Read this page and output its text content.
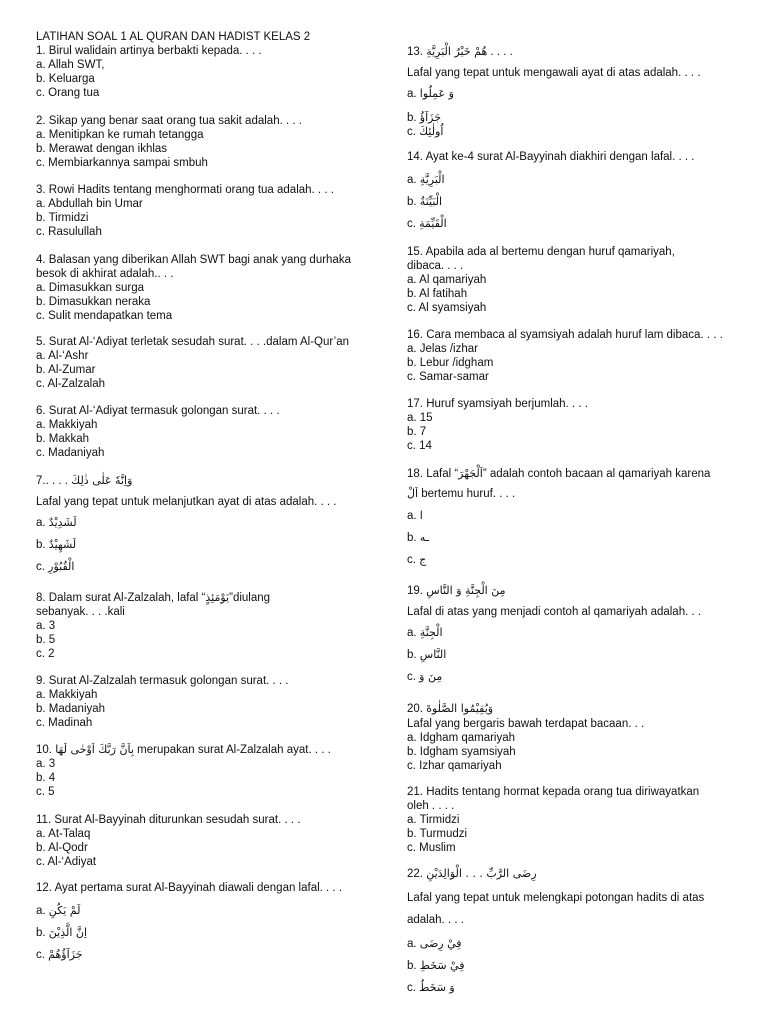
LATIHAN SOAL 1 AL QURAN DAN HADIST KELAS 2
1. Birul walidain artinya berbakti kepada. . . .
a. Allah SWT,
b. Keluarga
c. Orang tua
2. Sikap yang benar saat orang tua sakit adalah. . . .
a. Menitipkan ke rumah tetangga
b. Merawat dengan ikhlas
c. Membiarkannya sampai smbuh
3. Rowi Hadits tentang menghormati orang tua adalah. . . .
a. Abdullah bin Umar
b. Tirmidzi
c. Rasulullah
4. Balasan yang diberikan Allah SWT bagi anak yang durhaka besok di akhirat adalah.. . .
a. Dimasukkan surga
b. Dimasukkan neraka
c. Sulit mendapatkan tema
5. Surat Al-‘Adiyat terletak sesudah surat. . . .dalam Al-Qur’an
a. Al-‘Ashr
b. Al-Zumar
c. Al-Zalzalah
6. Surat Al-‘Adiyat termasuk golongan surat. . . .
a. Makkiyah
b. Makkah
c. Madaniyah
7.. . . . وَاِنَّهٗ عَلٰى ذٰلِكَ
Lafal yang tepat untuk melanjutkan ayat di atas adalah. . . .
a. لَشَدِيْدٌ
b. لَشَهِيْدٌ
c. الْقُبُوْرِ
8. Dalam surat Al-Zalzalah, lafal “يَوْمَئِذٍ”diulang sebanyak. . . .kali
a. 3
b. 5
c. 2
9. Surat Al-Zalzalah termasuk golongan surat. . . .
a. Makkiyah
b. Madaniyah
c. Madinah
10. بِاَنَّ رَبَّكَ اَوْحٰى لَهَا merupakan surat Al-Zalzalah ayat. . . .
a. 3
b. 4
c. 5
11. Surat Al-Bayyinah diturunkan sesudah surat. . . .
a. At-Talaq
b. Al-Qodr
c. Al-‘Adiyat
12. Ayat pertama surat Al-Bayyinah diawali dengan lafal. . . .
a. لَمْ يَكُنِ
b. اِنَّ الَّذِيْنَ
c. جَزَآؤُهُمْ
13. هُمْ خَيْرُ الْبَرِيَّةِ . . . .
Lafal yang tepat untuk mengawali ayat di atas adalah. . . .
a. وَ عَمِلُوا
b. جَزَآؤُ
c. اُولٰئِكَ
14. Ayat ke-4 surat Al-Bayyinah diakhiri dengan lafal. . . .
a. الْبَرِيَّةِ
b. الْبَيِّنَةُ
c. الْقَيِّمَةِ
15. Apabila ada al bertemu dengan huruf qamariyah, dibaca. . . .
a. Al qamariyah
b. Al fatihah
c. Al syamsiyah
16. Cara membaca al syamsiyah adalah huruf lam dibaca. . . .
a. Jelas /izhar
b. Lebur /idgham
c. Samar-samar
17. Huruf syamsiyah berjumlah. . . .
a. 15
b. 7
c. 14
18. Lafal “اَلْجَهْرَ” adalah contoh bacaan al qamariyah karena
اَلْ bertemu huruf. . . .
a. ا
b. ـه
c. ج
19. مِنَ الْجِنَّةِ وَ النَّاسِ
Lafal di atas yang menjadi contoh al qamariyah adalah. . .
a. الْجِنَّةِ
b. النَّاسِ
c. مِنَ وَ
20. وَيُقِيْمُوا الصَّلٰوةَ
Lafal yang bergaris bawah terdapat bacaan. . .
a. Idgham qamariyah
b. Idgham syamsiyah
c. Izhar qamariyah
21. Hadits tentang hormat kepada orang tua diriwayatkan oleh . . . .
a. Tirmidzi
b. Turmudzi
c. Muslim
22. رِضَى الرَّبِّ . . . الْوَالِدَيْنِ
Lafal yang tepat untuk melengkapi potongan hadits di atas adalah. . . .
a. فِيْ رِضَى
b. فِيْ سَخَطِ
c. وَ سَخَطُ
